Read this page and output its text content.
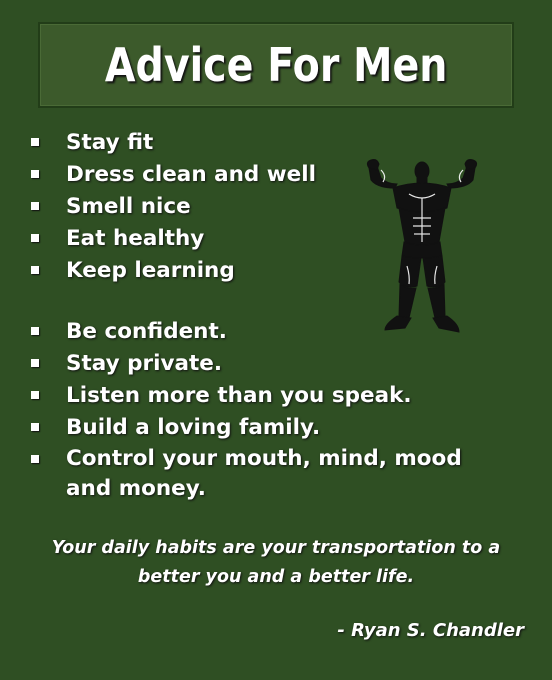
Advice For Men
Stay fit
Dress clean and well
Smell nice
Eat healthy
Keep learning
Be confident.
Stay private.
Listen more than you speak.
Build a loving family.
Control your mouth, mind, mood and money.
Your daily habits are your transportation to a better you and a better life.
- Ryan S. Chandler
